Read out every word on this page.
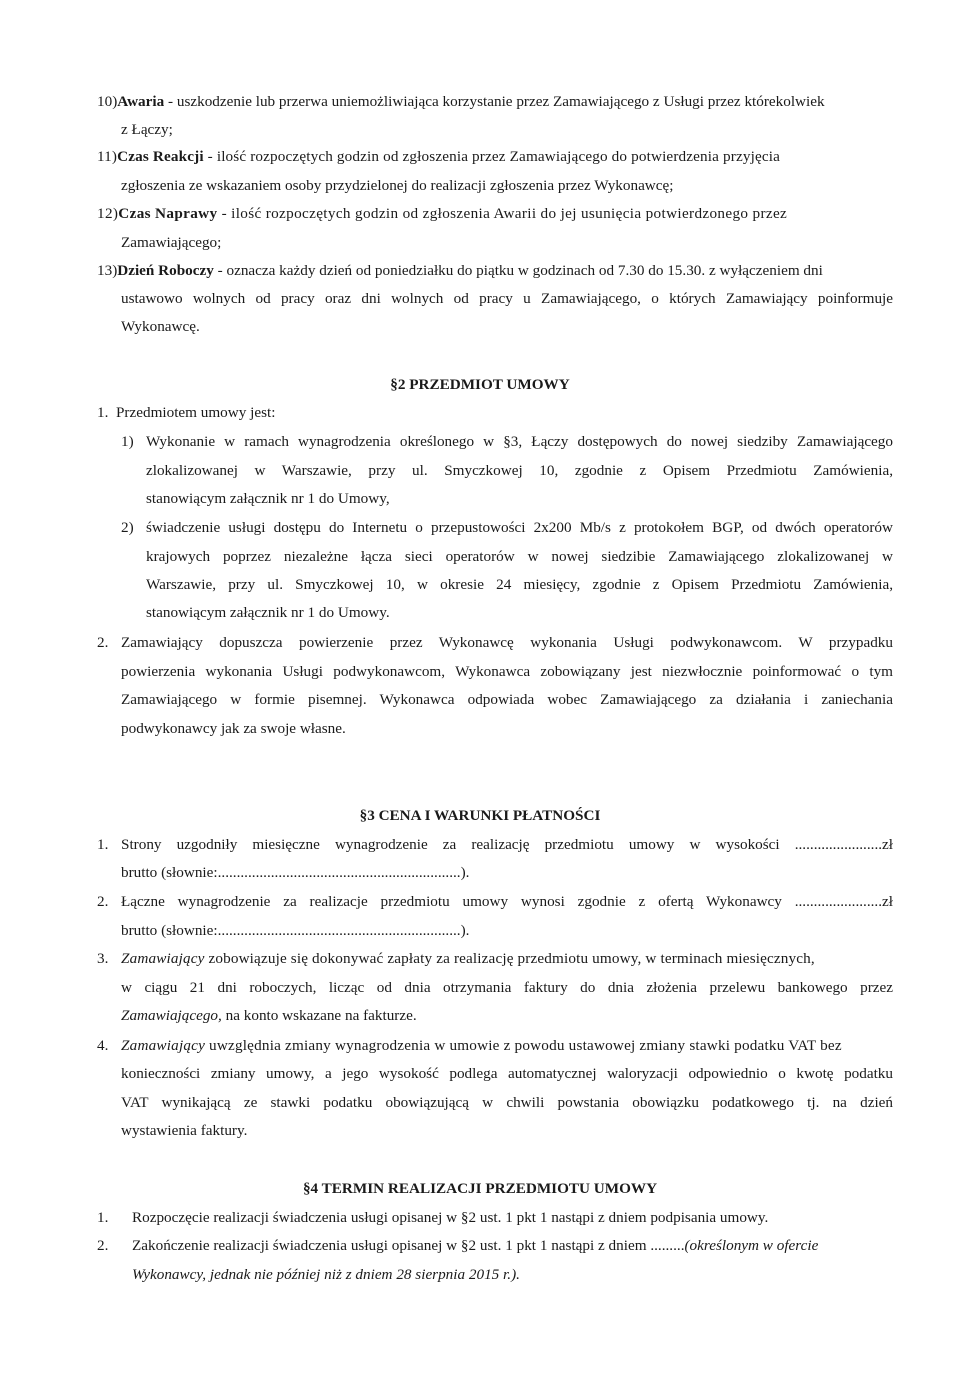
10)Awaria - uszkodzenie lub przerwa uniemożliwiająca korzystanie przez Zamawiającego z Usługi przez którekolwiek
z Łączy;
11)Czas Reakcji - ilość rozpoczętych godzin od zgłoszenia przez Zamawiającego do potwierdzenia przyjęcia
zgłoszenia ze wskazaniem osoby przydzielonej do realizacji zgłoszenia przez Wykonawcę;
12)Czas Naprawy - ilość rozpoczętych godzin od zgłoszenia Awarii do jej usunięcia potwierdzonego przez
Zamawiającego;
13)Dzień Roboczy - oznacza każdy dzień od poniedziałku do piątku w godzinach od 7.30 do 15.30. z wyłączeniem dni
ustawowo wolnych od pracy oraz dni wolnych od pracy u Zamawiającego, o których Zamawiający poinformuje
Wykonawcę.
§2 PRZEDMIOT UMOWY
1. Przedmiotem umowy jest:
1) Wykonanie w ramach wynagrodzenia określonego w §3, Łączy dostępowych do nowej siedziby Zamawiającego
zlokalizowanej w Warszawie, przy ul. Smyczkowej 10, zgodnie z Opisem Przedmiotu Zamówienia,
stanowiącym załącznik nr 1 do Umowy,
2) świadczenie usługi dostępu do Internetu o przepustowości 2x200 Mb/s z protokołem BGP, od dwóch operatorów
krajowych poprzez niezależne łącza sieci operatorów w nowej siedzibie Zamawiającego zlokalizowanej w
Warszawie, przy ul. Smyczkowej 10, w okresie 24 miesięcy, zgodnie z Opisem Przedmiotu Zamówienia,
stanowiącym załącznik nr 1 do Umowy.
2. Zamawiający dopuszcza powierzenie przez Wykonawcę wykonania Usługi podwykonawcom. W przypadku
powierzenia wykonania Usługi podwykonawcom, Wykonawca zobowiązany jest niezwłocznie poinformować o tym
Zamawiającego w formie pisemnej. Wykonawca odpowiada wobec Zamawiającego za działania i zaniechania
podwykonawcy jak za swoje własne.
§3 CENA I WARUNKI PŁATNOŚCI
1. Strony uzgodniły miesięczne wynagrodzenie za realizację przedmiotu umowy w wysokości .......................zł
brutto (słownie:................................................................).
2. Łączne wynagrodzenie za realizacje przedmiotu umowy wynosi zgodnie z ofertą Wykonawcy .......................zł
brutto (słownie:................................................................).
3. Zamawiający zobowiązuje się dokonywać zapłaty za realizację przedmiotu umowy, w terminach miesięcznych,
w ciągu 21 dni roboczych, licząc od dnia otrzymania faktury do dnia złożenia przelewu bankowego przez
Zamawiającego, na konto wskazane na fakturze.
4. Zamawiający uwzględnia zmiany wynagrodzenia w umowie z powodu ustawowej zmiany stawki podatku VAT bez
konieczności zmiany umowy, a jego wysokość podlega automatycznej waloryzacji odpowiednio o kwotę podatku
VAT wynikającą ze stawki podatku obowiązującą w chwili powstania obowiązku podatkowego tj. na dzień
wystawienia faktury.
§4 TERMIN REALIZACJI PRZEDMIOTU UMOWY
1. Rozpoczęcie realizacji świadczenia usługi opisanej w §2 ust. 1 pkt 1 nastąpi z dniem podpisania umowy.
2. Zakończenie realizacji świadczenia usługi opisanej w §2 ust. 1 pkt 1 nastąpi z dniem .........(określonym w ofercie
Wykonawcy, jednak nie później niż z dniem 28 sierpnia 2015 r.).
